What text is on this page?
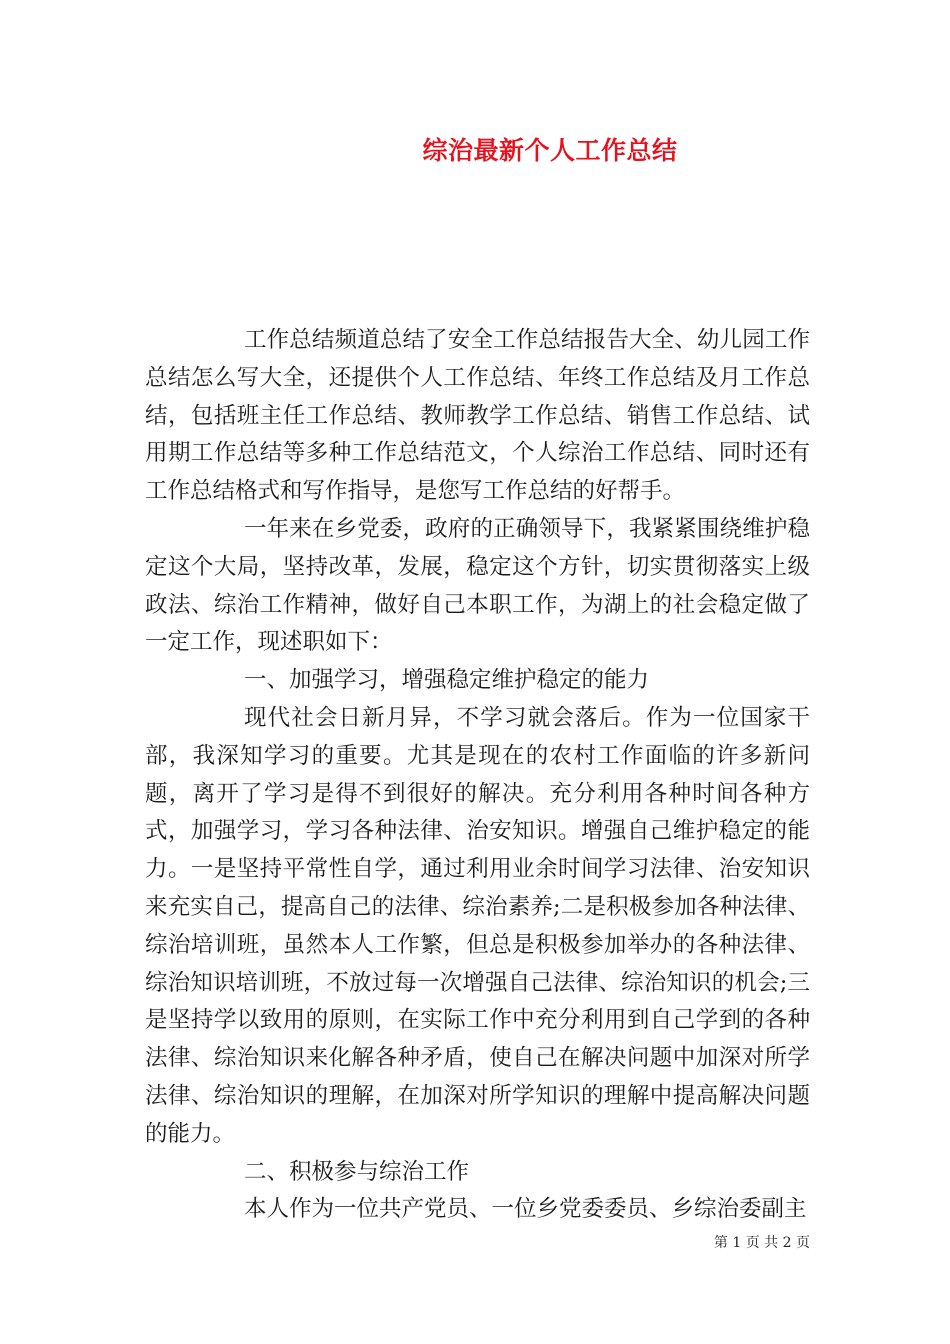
综治最新个人工作总结

工作总结频道总结了安全工作总结报告大全、幼儿园工作总结怎么写大全，还提供个人工作总结、年终工作总结及月工作总结，包括班主任工作总结、教师教学工作总结、销售工作总结、试用期工作总结等多种工作总结范文，个人综治工作总结、同时还有工作总结格式和写作指导，是您写工作总结的好帮手。

一年来在乡党委，政府的正确领导下，我紧紧围绕维护稳定这个大局，坚持改革，发展，稳定这个方针，切实贯彻落实上级政法、综治工作精神，做好自己本职工作，为湖上的社会稳定做了一定工作，现述职如下：

一、加强学习，增强稳定维护稳定的能力

现代社会日新月异，不学习就会落后。作为一位国家干部，我深知学习的重要。尤其是现在的农村工作面临的许多新问题，离开了学习是得不到很好的解决。充分利用各种时间各种方式，加强学习，学习各种法律、治安知识。增强自己维护稳定的能力。一是坚持平常性自学，通过利用业余时间学习法律、治安知识来充实自己，提高自己的法律、综治素养;二是积极参加各种法律、综治培训班，虽然本人工作繁，但总是积极参加举办的各种法律、综治知识培训班，不放过每一次增强自己法律、综治知识的机会;三是坚持学以致用的原则，在实际工作中充分利用到自己学到的各种法律、综治知识来化解各种矛盾，使自己在解决问题中加深对所学法律、综治知识的理解，在加深对所学知识的理解中提高解决问题的能力。

二、积极参与综治工作

本人作为一位共产党员、一位乡党委委员、乡综治委副主

第 1 页 共 2 页
